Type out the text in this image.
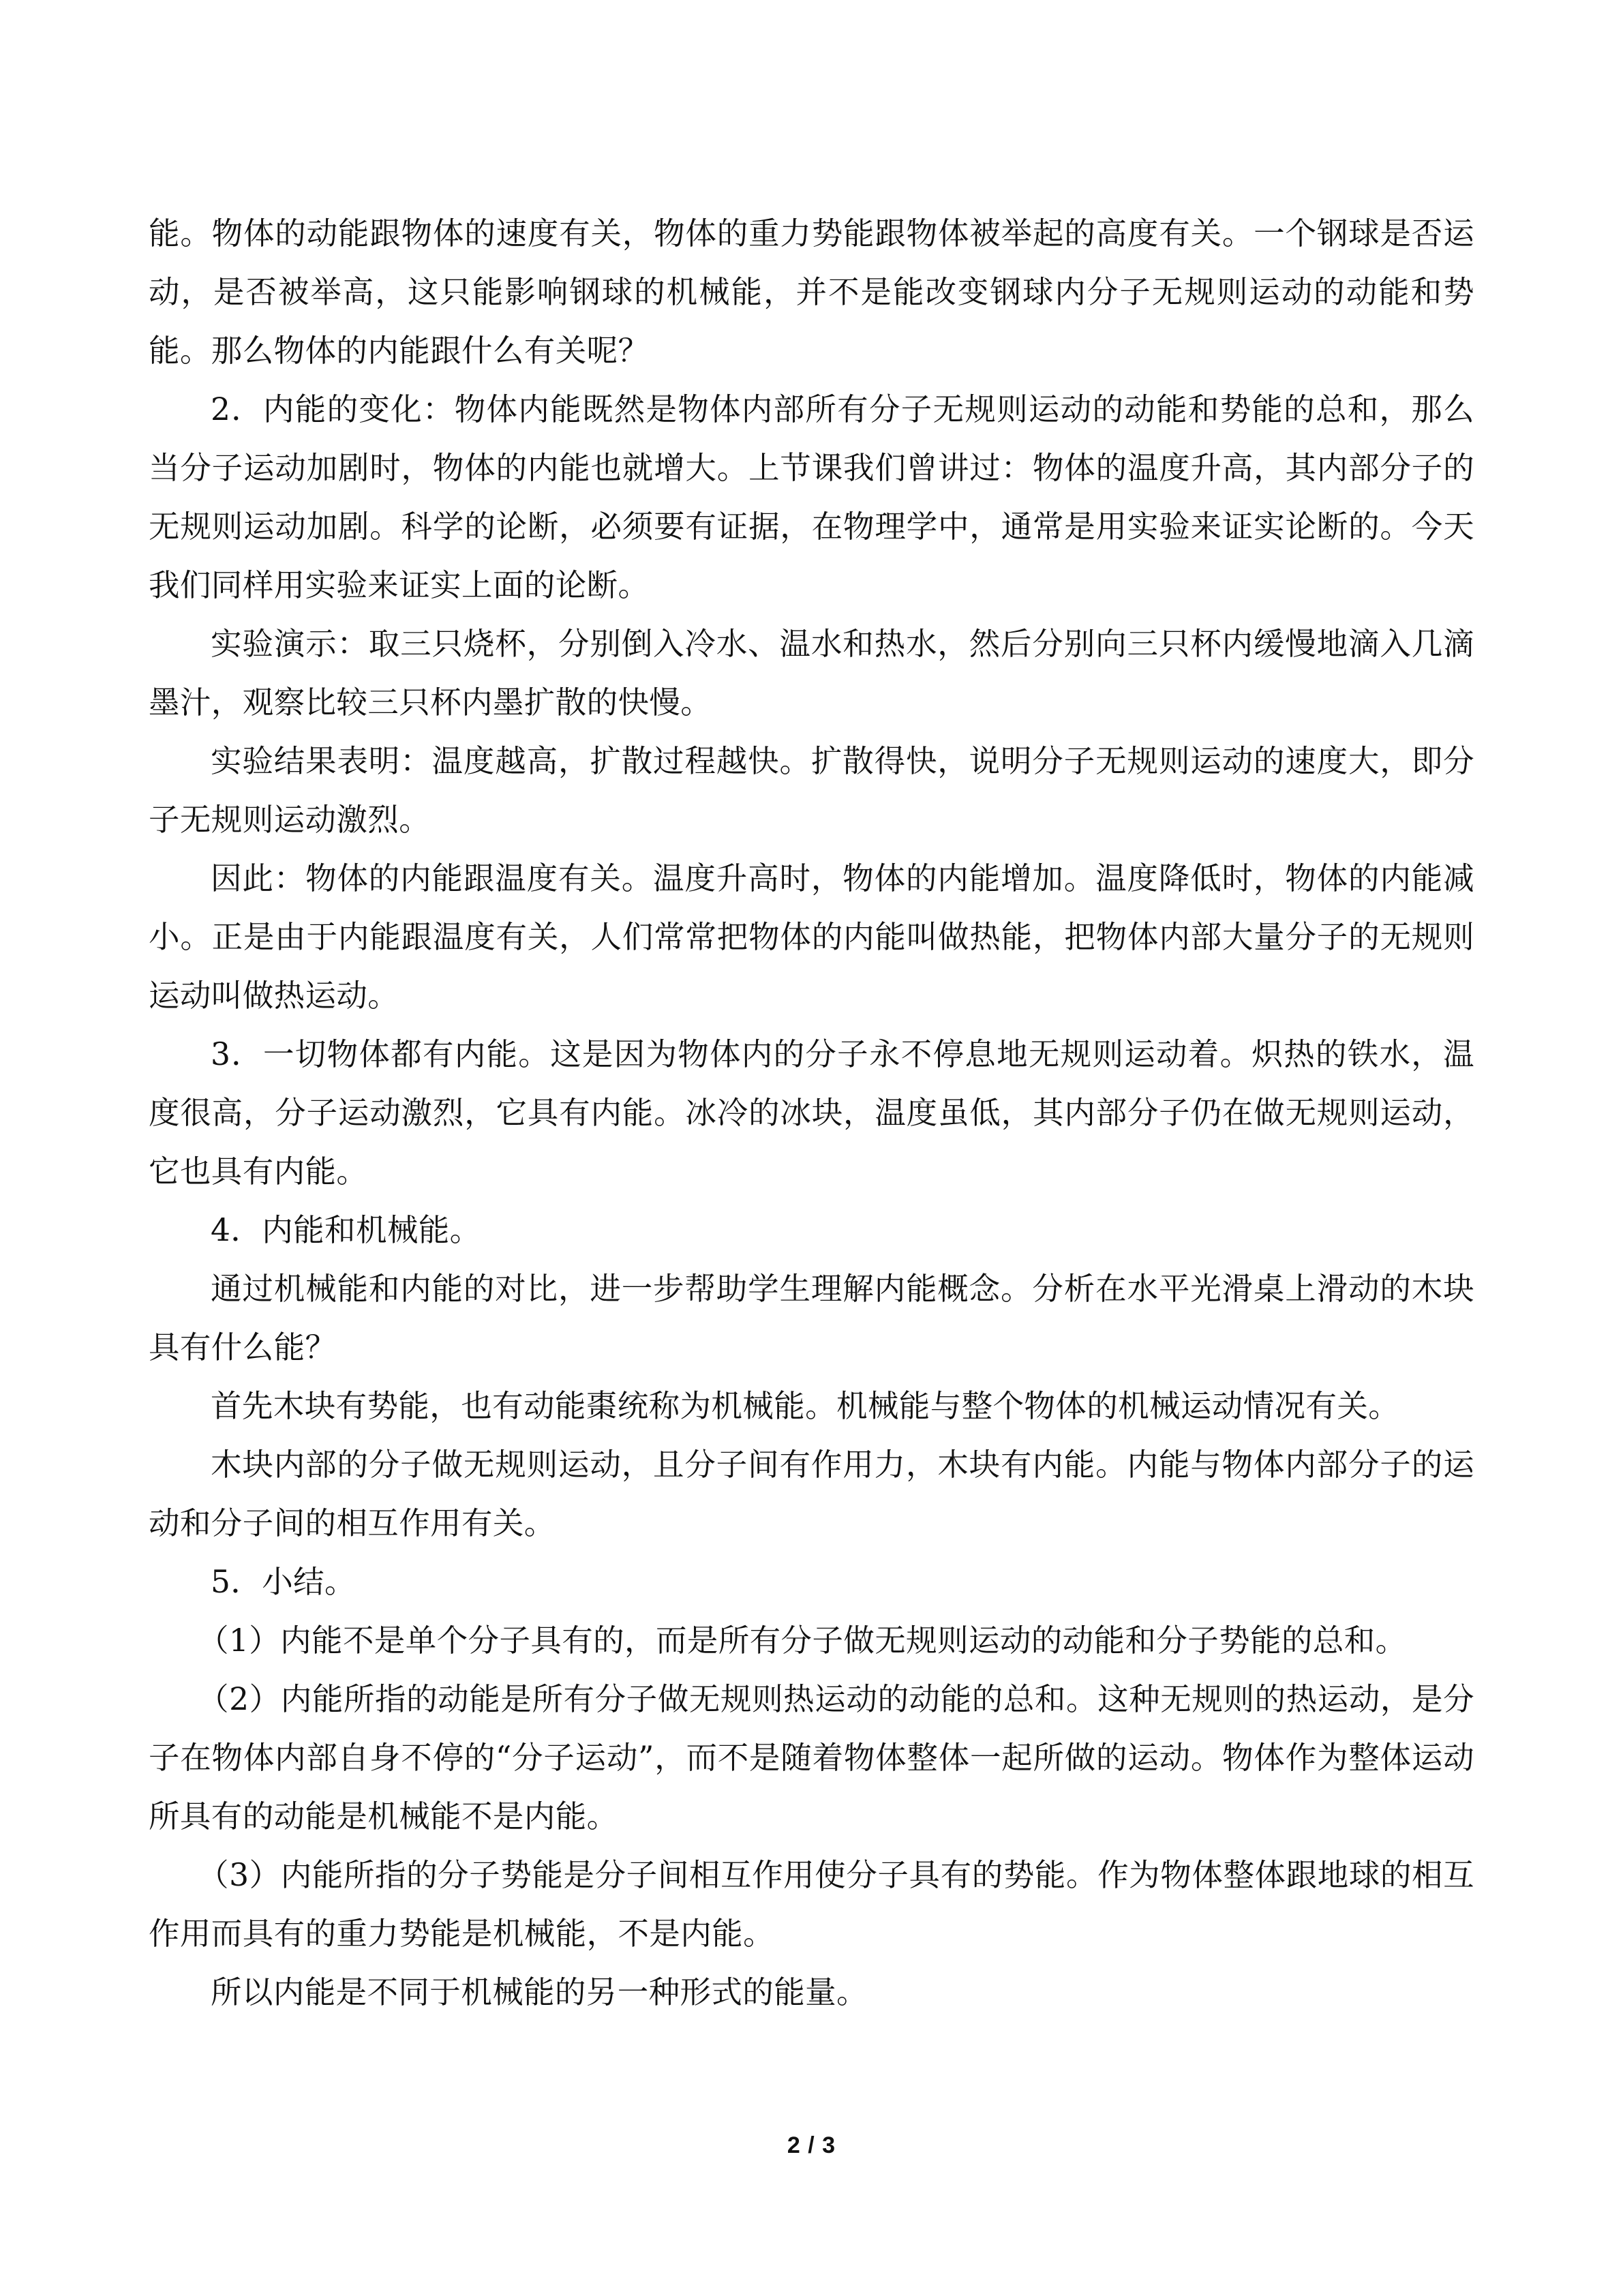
能。物体的动能跟物体的速度有关，物体的重力势能跟物体被举起的高度有关。一个钢球是否运动，是否被举高，这只能影响钢球的机械能，并不是能改变钢球内分子无规则运动的动能和势能。那么物体的内能跟什么有关呢？

2．内能的变化：物体内能既然是物体内部所有分子无规则运动的动能和势能的总和，那么当分子运动加剧时，物体的内能也就增大。上节课我们曾讲过：物体的温度升高，其内部分子的无规则运动加剧。科学的论断，必须要有证据，在物理学中，通常是用实验来证实论断的。今天我们同样用实验来证实上面的论断。

实验演示：取三只烧杯，分别倒入冷水、温水和热水，然后分别向三只杯内缓慢地滴入几滴墨汁，观察比较三只杯内墨扩散的快慢。

实验结果表明：温度越高，扩散过程越快。扩散得快，说明分子无规则运动的速度大，即分子无规则运动激烈。

因此：物体的内能跟温度有关。温度升高时，物体的内能增加。温度降低时，物体的内能减小。正是由于内能跟温度有关，人们常常把物体的内能叫做热能，把物体内部大量分子的无规则运动叫做热运动。

3．一切物体都有内能。这是因为物体内的分子永不停息地无规则运动着。炽热的铁水，温度很高，分子运动激烈，它具有内能。冰冷的冰块，温度虽低，其内部分子仍在做无规则运动，它也具有内能。

4．内能和机械能。

通过机械能和内能的对比，进一步帮助学生理解内能概念。分析在水平光滑桌上滑动的木块具有什么能？

首先木块有势能，也有动能棗统称为机械能。机械能与整个物体的机械运动情况有关。

木块内部的分子做无规则运动，且分子间有作用力，木块有内能。内能与物体内部分子的运动和分子间的相互作用有关。

5．小结。

（1）内能不是单个分子具有的，而是所有分子做无规则运动的动能和分子势能的总和。

（2）内能所指的动能是所有分子做无规则热运动的动能的总和。这种无规则的热运动，是分子在物体内部自身不停的“分子运动”，而不是随着物体整体一起所做的运动。物体作为整体运动所具有的动能是机械能不是内能。

（3）内能所指的分子势能是分子间相互作用使分子具有的势能。作为物体整体跟地球的相互作用而具有的重力势能是机械能，不是内能。

所以内能是不同于机械能的另一种形式的能量。

2 / 3
